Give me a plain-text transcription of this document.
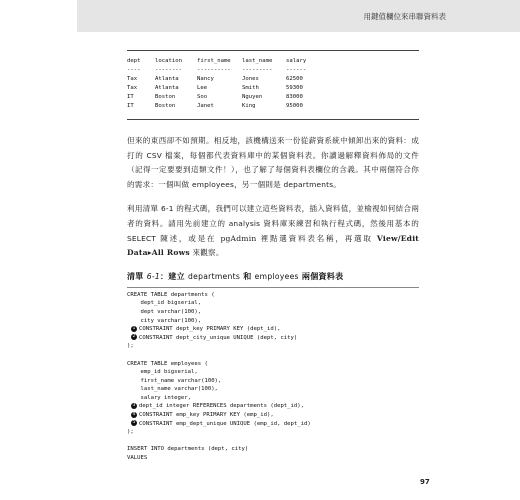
用鍵值欄位來串聯資料表
dept	location	first_name	last_name	salary
----	--------	----------	---------	------
Tax	Atlanta	Nancy	Jones	62500
Tax	Atlanta	Lee	Smith	59300
IT	Boston	Soo	Nguyen	83000
IT	Boston	Janet	King	95000

但來的東西卻不如預期。相反地，該機構送來一份從薪資系統中傾卸出來的資料：成打的 CSV 檔案，每個都代表資料庫中的某個資料表。你讀過解釋資料佈局的文件（記得一定要要到這類文件！），也了解了每個資料表欄位的含義。其中兩個符合你的需求：一個叫做 employees，另一個則是 departments。

利用清單 6-1 的程式碼，我們可以建立這些資料表，插入資料值，並檢視如何結合兩者的資料。請用先前建立的 analysis 資料庫來練習和執行程式碼，然後用基本的 SELECT 陳述，或是在 pgAdmin 裡點選資料表名稱，再選取 View/Edit Data▸All Rows 來觀察。

清單 6-1：建立 departments 和 employees 兩個資料表
CREATE TABLE departments (
dept_id bigserial,
dept varchar(100),
city varchar(100),
1 CONSTRAINT dept_key PRIMARY KEY (dept_id),
2 CONSTRAINT dept_city_unique UNIQUE (dept, city)
);
CREATE TABLE employees (
emp_id bigserial,
first_name varchar(100),
last_name varchar(100),
salary integer,
3 dept_id integer REFERENCES departments (dept_id),
4 CONSTRAINT emp_key PRIMARY KEY (emp_id),
5 CONSTRAINT emp_dept_unique UNIQUE (emp_id, dept_id)
);
INSERT INTO departments (dept, city)
VALUES
97
